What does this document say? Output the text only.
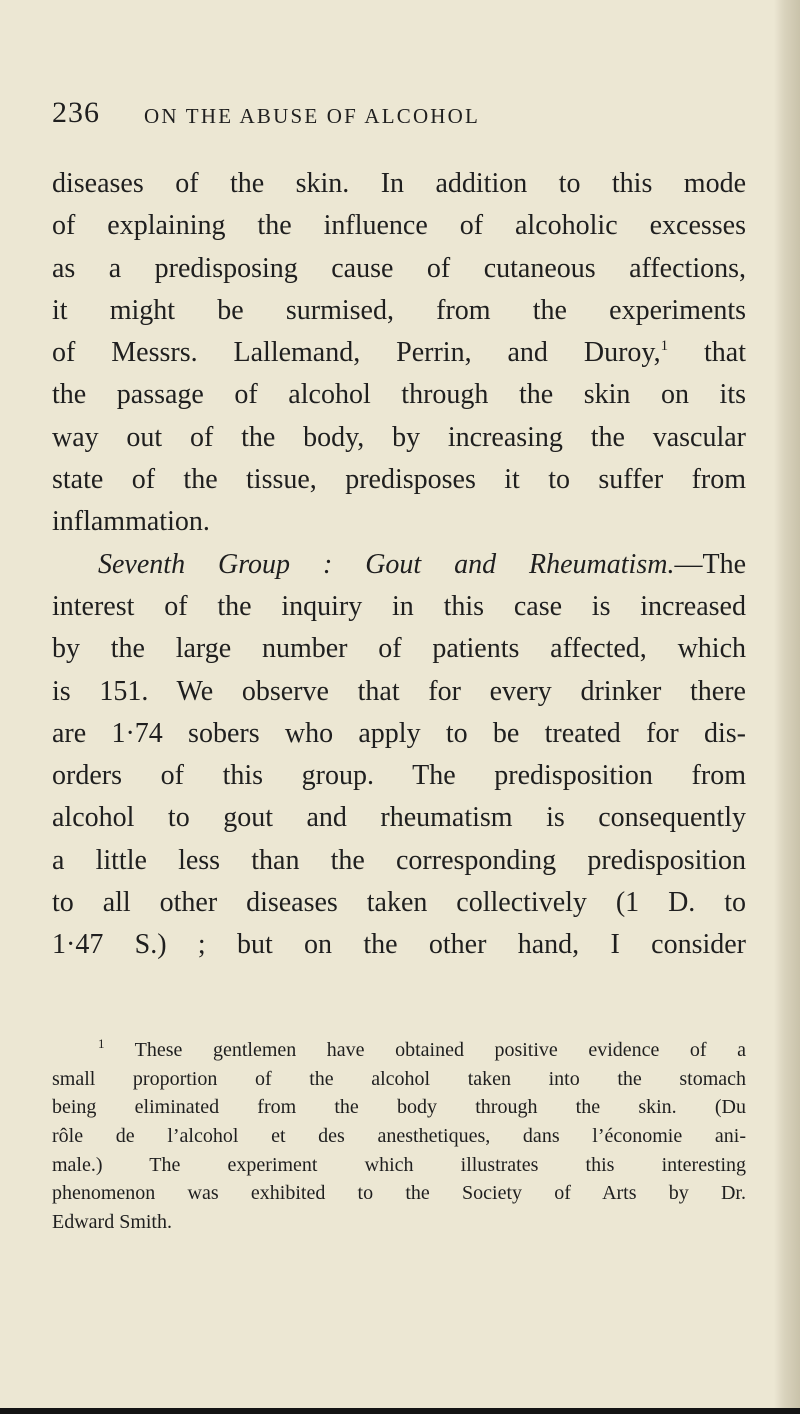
236 ON THE ABUSE OF ALCOHOL
diseases of the skin. In addition to this mode
of explaining the influence of alcoholic excesses
as a predisposing cause of cutaneous affections,
it might be surmised, from the experiments
of Messrs. Lallemand, Perrin, and Duroy,$^1$ that
the passage of alcohol through the skin on its
way out of the body, by increasing the vascular
state of the tissue, predisposes it to suffer from
inflammation.
Seventh Group : Gout and Rheumatism.—The
interest of the inquiry in this case is increased
by the large number of patients affected, which
is 151. We observe that for every drinker there
are 1·74 sobers who apply to be treated for dis-
orders of this group. The predisposition from
alcohol to gout and rheumatism is consequently
a little less than the corresponding predisposition
to all other diseases taken collectively (1 D. to
1·47 S.) ; but on the other hand, I consider
$^1$ These gentlemen have obtained positive evidence of a
small proportion of the alcohol taken into the stomach
being eliminated from the body through the skin. (Du
rôle de l’alcohol et des anesthetiques, dans l’économie ani-
male.) The experiment which illustrates this interesting
phenomenon was exhibited to the Society of Arts by Dr.
Edward Smith.
